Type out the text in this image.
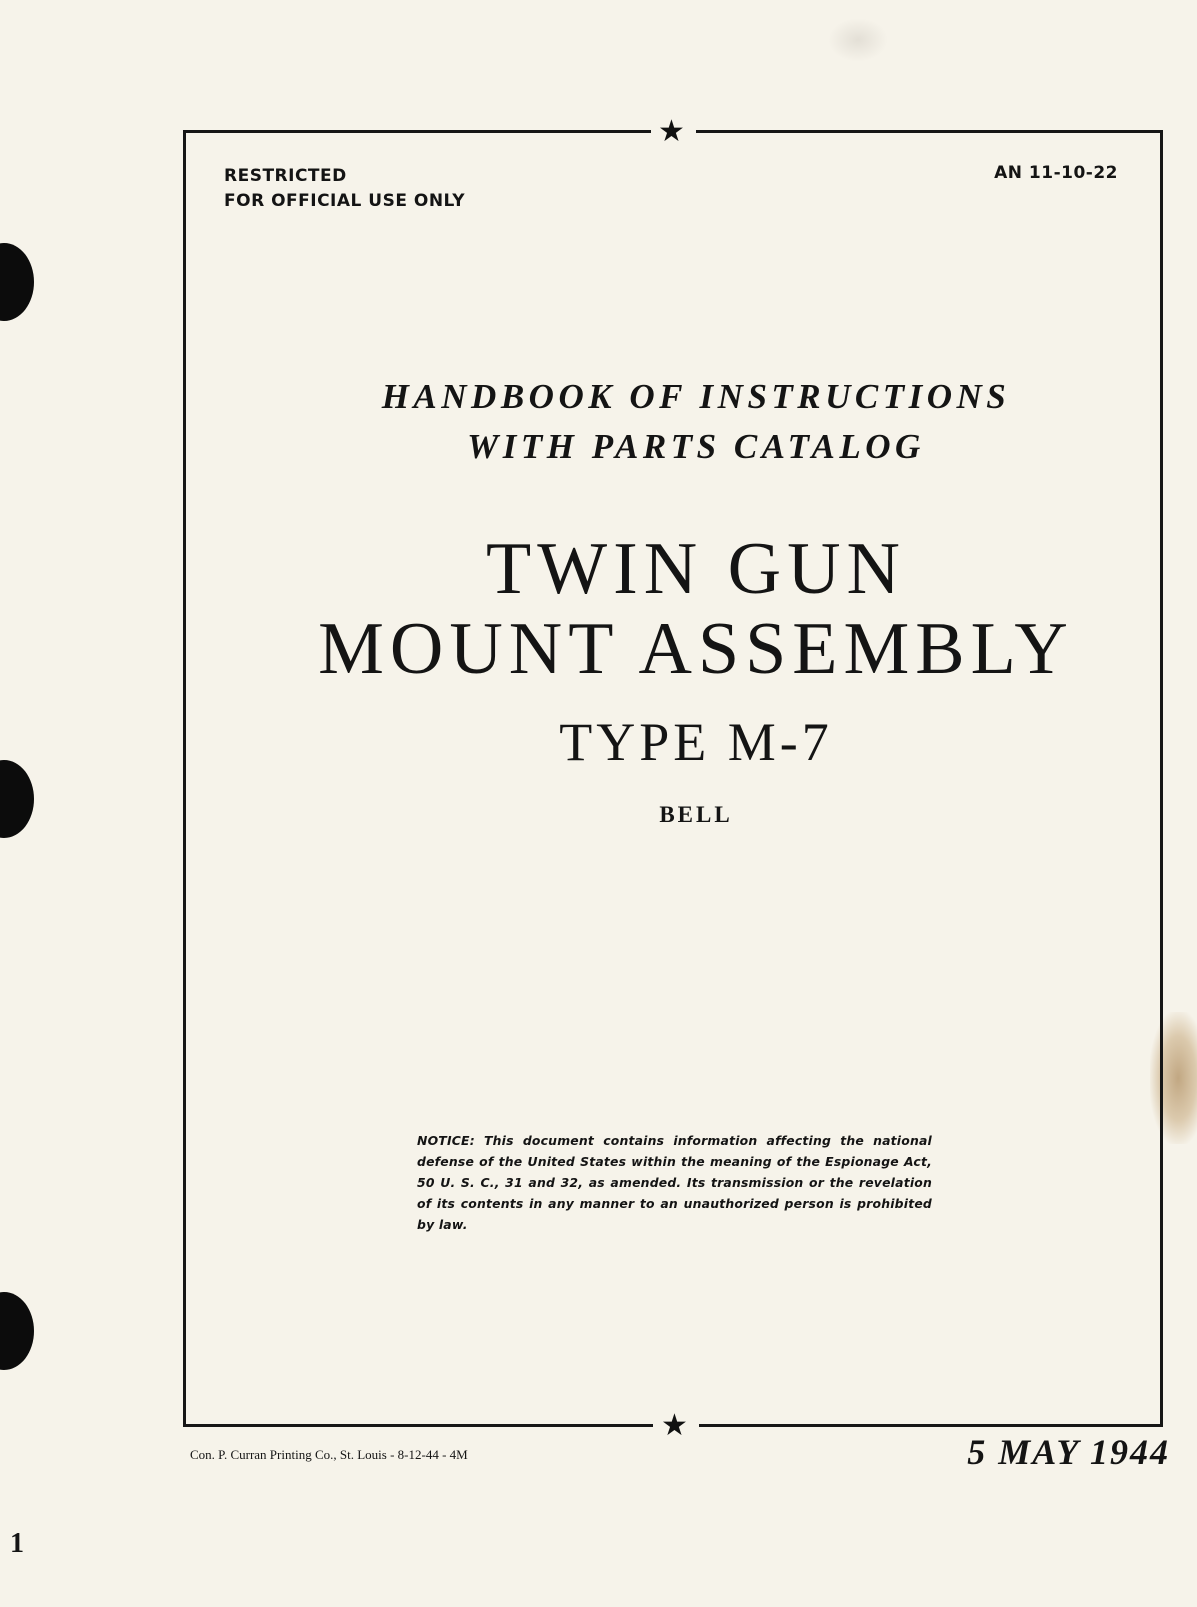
★
★
RESTRICTED
FOR OFFICIAL USE ONLY
AN 11-10-22
HANDBOOK OF INSTRUCTIONS
WITH PARTS CATALOG
TWIN GUN
MOUNT ASSEMBLY
TYPE M-7
BELL
NOTICE: This document contains information affecting the national defense of the United States within the meaning of the Espionage Act, 50 U. S. C., 31 and 32, as amended. Its transmission or the revelation of its contents in any manner to an unauthorized person is prohibited by law.
Con. P. Curran Printing Co., St. Louis - 8-12-44 - 4M	5 MAY 1944
1
